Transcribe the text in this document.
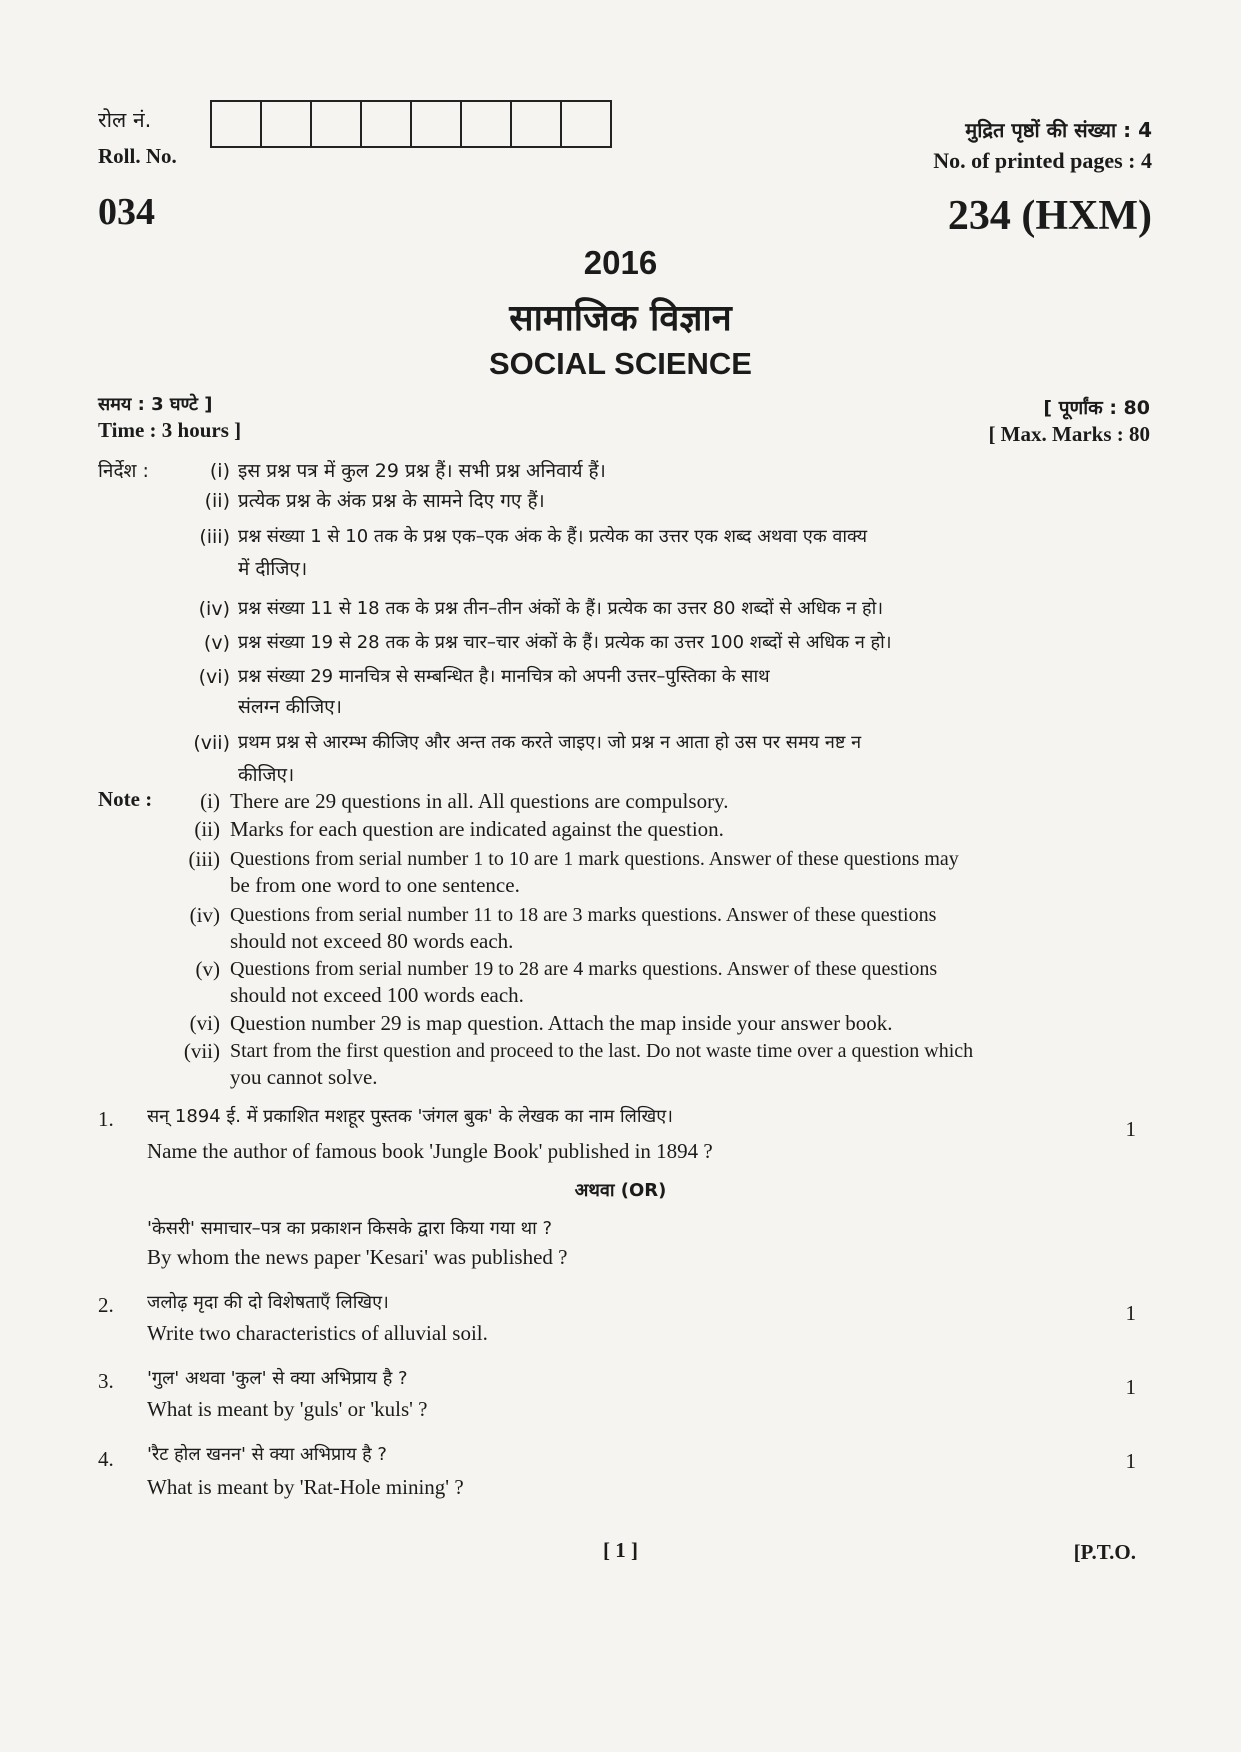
रोल नं.
Roll. No.
मुद्रित पृष्ठों की संख्या : 4
No. of printed pages : 4
034	234 (HXM)
2016
सामाजिक विज्ञान
SOCIAL SCIENCE
समय : 3 घण्टे ]
Time : 3 hours ]
[ पूर्णांक : 80
[ Max. Marks : 80
निर्देश :	(i) इस प्रश्न पत्र में कुल 29 प्रश्न हैं। सभी प्रश्न अनिवार्य हैं।
(ii) प्रत्येक प्रश्न के अंक प्रश्न के सामने दिए गए हैं।
(iii) प्रश्न संख्या 1 से 10 तक के प्रश्न एक–एक अंक के हैं। प्रत्येक का उत्तर एक शब्द अथवा एक वाक्य
में दीजिए।
(iv) प्रश्न संख्या 11 से 18 तक के प्रश्न तीन–तीन अंकों के हैं। प्रत्येक का उत्तर 80 शब्दों से अधिक न हो।
(v) प्रश्न संख्या 19 से 28 तक के प्रश्न चार–चार अंकों के हैं। प्रत्येक का उत्तर 100 शब्दों से अधिक न हो।
(vi) प्रश्न संख्या 29 मानचित्र से सम्बन्धित है। मानचित्र को अपनी उत्तर–पुस्तिका के साथ
संलग्न कीजिए।
(vii) प्रथम प्रश्न से आरम्भ कीजिए और अन्त तक करते जाइए। जो प्रश्न न आता हो उस पर समय नष्ट न
कीजिए।
Note :	(i) There are 29 questions in all. All questions are compulsory.
(ii) Marks for each question are indicated against the question.
(iii) Questions from serial number 1 to 10 are 1 mark questions. Answer of these questions may
be from one word to one sentence.
(iv) Questions from serial number 11 to 18 are 3 marks questions. Answer of these questions
should not exceed 80 words each.
(v) Questions from serial number 19 to 28 are 4 marks questions. Answer of these questions
should not exceed 100 words each.
(vi) Question number 29 is map question. Attach the map inside your answer book.
(vii) Start from the first question and proceed to the last. Do not waste time over a question which
you cannot solve.
1. सन् 1894 ई. में प्रकाशित मशहूर पुस्तक 'जंगल बुक' के लेखक का नाम लिखिए।
Name the author of famous book 'Jungle Book' published in 1894 ?
1
अथवा (OR)
'केसरी' समाचार–पत्र का प्रकाशन किसके द्वारा किया गया था ?
By whom the news paper 'Kesari' was published ?
2. जलोढ़ मृदा की दो विशेषताएँ लिखिए।
Write two characteristics of alluvial soil.
1
3. 'गुल' अथवा 'कुल' से क्या अभिप्राय है ?
What is meant by 'guls' or 'kuls' ?
1
4. 'रैट होल खनन' से क्या अभिप्राय है ?
What is meant by 'Rat-Hole mining' ?
1
[ 1 ]	[P.T.O.
